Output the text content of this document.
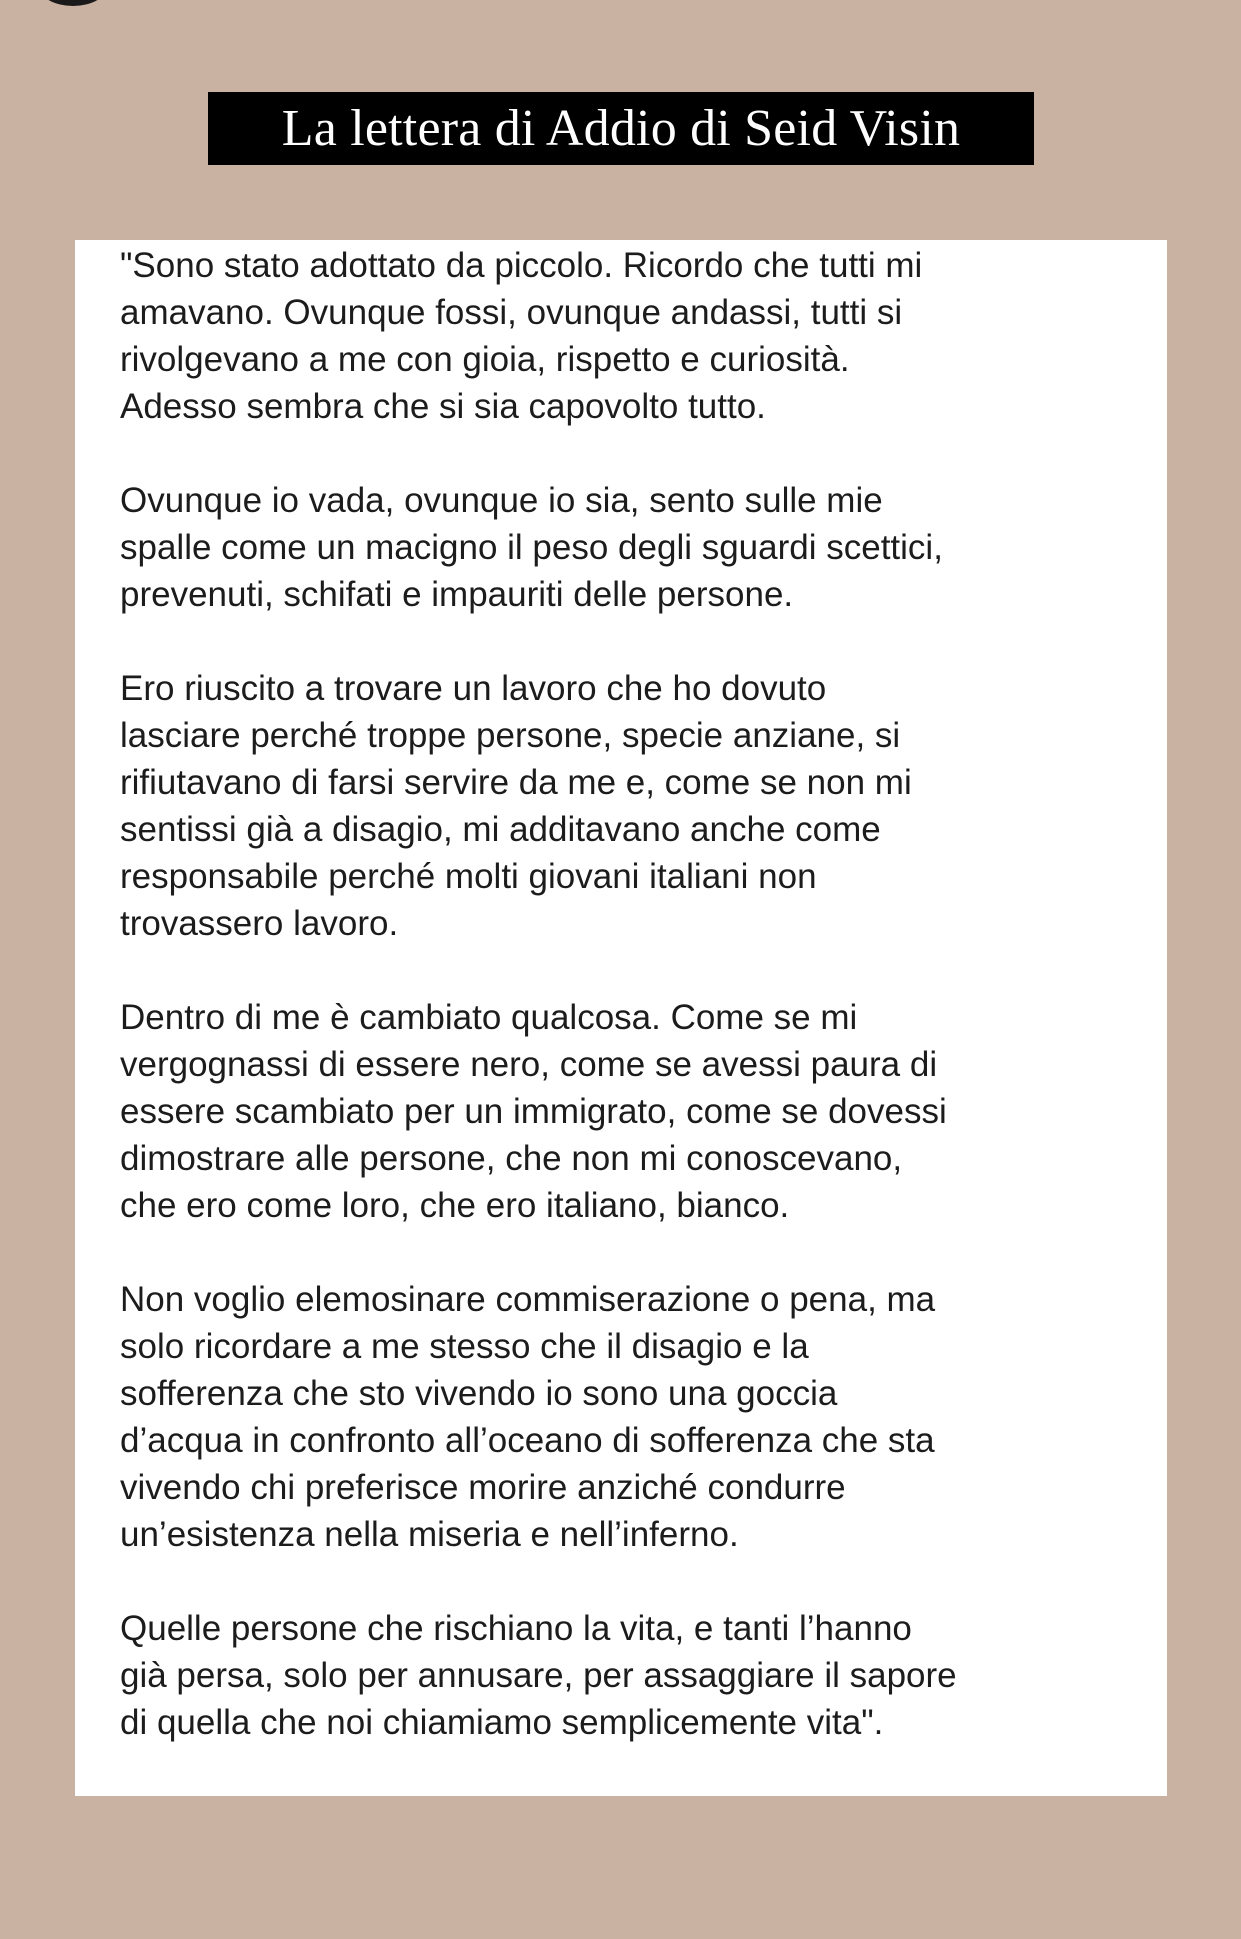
La lettera di Addio di Seid Visin

"Sono stato adottato da piccolo. Ricordo che tutti mi
amavano. Ovunque fossi, ovunque andassi, tutti si
rivolgevano a me con gioia, rispetto e curiosità.
Adesso sembra che si sia capovolto tutto.

Ovunque io vada, ovunque io sia, sento sulle mie
spalle come un macigno il peso degli sguardi scettici,
prevenuti, schifati e impauriti delle persone.

Ero riuscito a trovare un lavoro che ho dovuto
lasciare perché troppe persone, specie anziane, si
rifiutavano di farsi servire da me e, come se non mi
sentissi già a disagio, mi additavano anche come
responsabile perché molti giovani italiani non
trovassero lavoro.

Dentro di me è cambiato qualcosa. Come se mi
vergognassi di essere nero, come se avessi paura di
essere scambiato per un immigrato, come se dovessi
dimostrare alle persone, che non mi conoscevano,
che ero come loro, che ero italiano, bianco.

Non voglio elemosinare commiserazione o pena, ma
solo ricordare a me stesso che il disagio e la
sofferenza che sto vivendo io sono una goccia
d’acqua in confronto all’oceano di sofferenza che sta
vivendo chi preferisce morire anziché condurre
un’esistenza nella miseria e nell’inferno.

Quelle persone che rischiano la vita, e tanti l’hanno
già persa, solo per annusare, per assaggiare il sapore
di quella che noi chiamiamo semplicemente vita".
